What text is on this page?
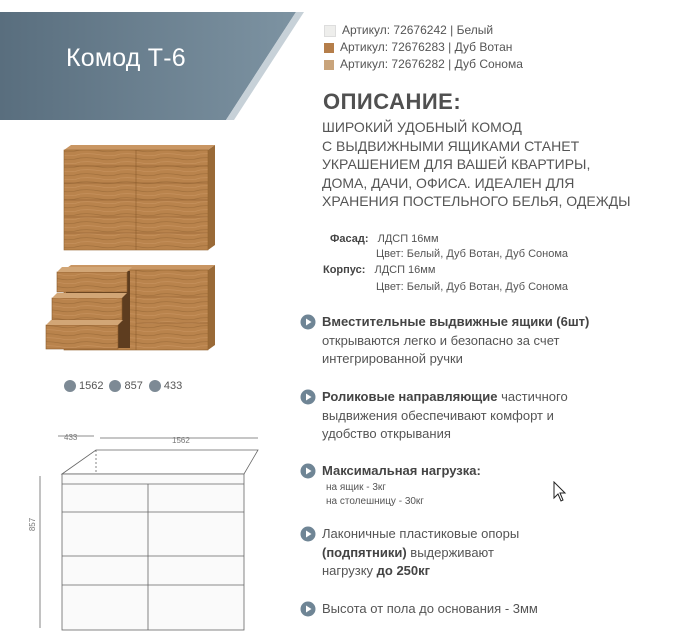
Комод Т-6
Артикул: 72676242 | Белый
Артикул: 72676283 | Дуб Вотан
Артикул: 72676282 | Дуб Сонома
ОПИСАНИЕ:
ШИРОКИЙ УДОБНЫЙ КОМОД
С ВЫДВИЖНЫМИ ЯЩИКАМИ СТАНЕТ
УКРАШЕНИЕМ ДЛЯ ВАШЕЙ КВАРТИРЫ,
ДОМА, ДАЧИ, ОФИСА. ИДЕАЛЕН ДЛЯ
ХРАНЕНИЯ ПОСТЕЛЬНОГО БЕЛЬЯ, ОДЕЖДЫ
Фасад: ЛДСП 16мм
Цвет: Белый, Дуб Вотан, Дуб Сонома
Корпус: ЛДСП 16мм
Цвет: Белый, Дуб Вотан, Дуб Сонома
Вместительные выдвижные ящики (6шт)
открываются легко и безопасно за счет
интегрированной ручки
Роликовые направляющие частичного
выдвижения обеспечивают комфорт и
удобство открывания
Максимальная нагрузка:
на ящик - 3кг
на столешницу - 30кг
Лаконичные пластиковые опоры
(подпятники) выдерживают
нагрузку до 250кг
Высота от пола до основания - 3мм
1562 857 433
433	1562
857
